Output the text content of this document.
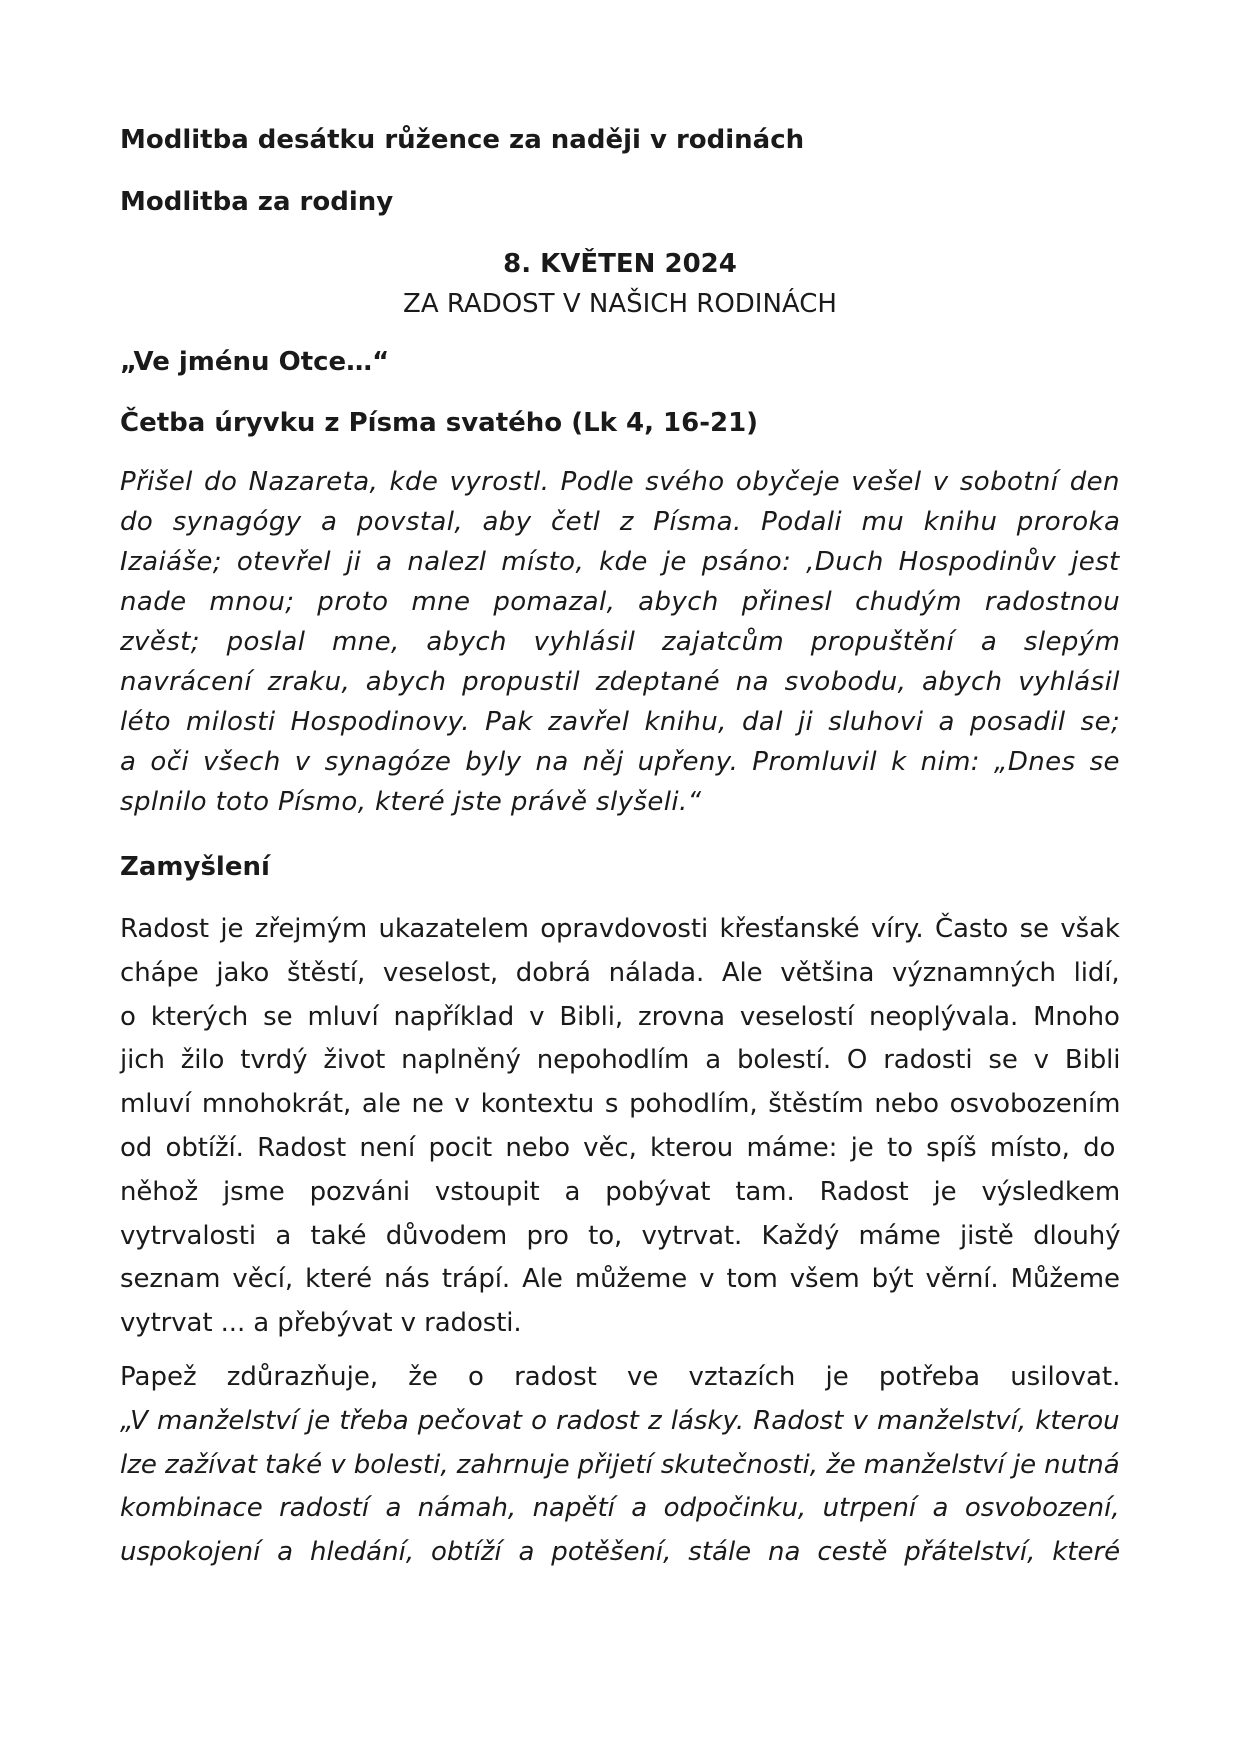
Modlitba desátku růžence za naději v rodinách
Modlitba za rodiny
8. KVĚTEN 2024
ZA RADOST V NAŠICH RODINÁCH
„Ve jménu Otce…“
Četba úryvku z Písma svatého (Lk 4, 16-21)
Přišel do Nazareta, kde vyrostl. Podle svého obyčeje vešel v sobotní den
do synagógy a povstal, aby četl z Písma. Podali mu knihu proroka
Izaiáše; otevřel ji a nalezl místo, kde je psáno: ‚Duch Hospodinův jest
nade mnou; proto mne pomazal, abych přinesl chudým radostnou
zvěst; poslal mne, abych vyhlásil zajatcům propuštění a slepým
navrácení zraku, abych propustil zdeptané na svobodu, abych vyhlásil
léto milosti Hospodinovy. Pak zavřel knihu, dal ji sluhovi a posadil se;
a oči všech v synagóze byly na něj upřeny. Promluvil k nim: „Dnes se
splnilo toto Písmo, které jste právě slyšeli.“
Zamyšlení
Radost je zřejmým ukazatelem opravdovosti křesťanské víry. Často se však
chápe jako štěstí, veselost, dobrá nálada. Ale většina významných lidí,
o kterých se mluví například v Bibli, zrovna veselostí neoplývala. Mnoho
jich žilo tvrdý život naplněný nepohodlím a bolestí. O radosti se v Bibli
mluví mnohokrát, ale ne v kontextu s pohodlím, štěstím nebo osvobozením
od obtíží. Radost není pocit nebo věc, kterou máme: je to spíš místo, do
něhož jsme pozváni vstoupit a pobývat tam. Radost je výsledkem
vytrvalosti a také důvodem pro to, vytrvat. Každý máme jistě dlouhý
seznam věcí, které nás trápí. Ale můžeme v tom všem být věrní. Můžeme
vytrvat ... a přebývat v radosti.
Papež zdůrazňuje, že o radost ve vztazích je potřeba usilovat.
„V manželství je třeba pečovat o radost z lásky. Radost v manželství, kterou
lze zažívat také v bolesti, zahrnuje přijetí skutečnosti, že manželství je nutná
kombinace radostí a námah, napětí a odpočinku, utrpení a osvobození,
uspokojení a hledání, obtíží a potěšení, stále na cestě přátelství, které
